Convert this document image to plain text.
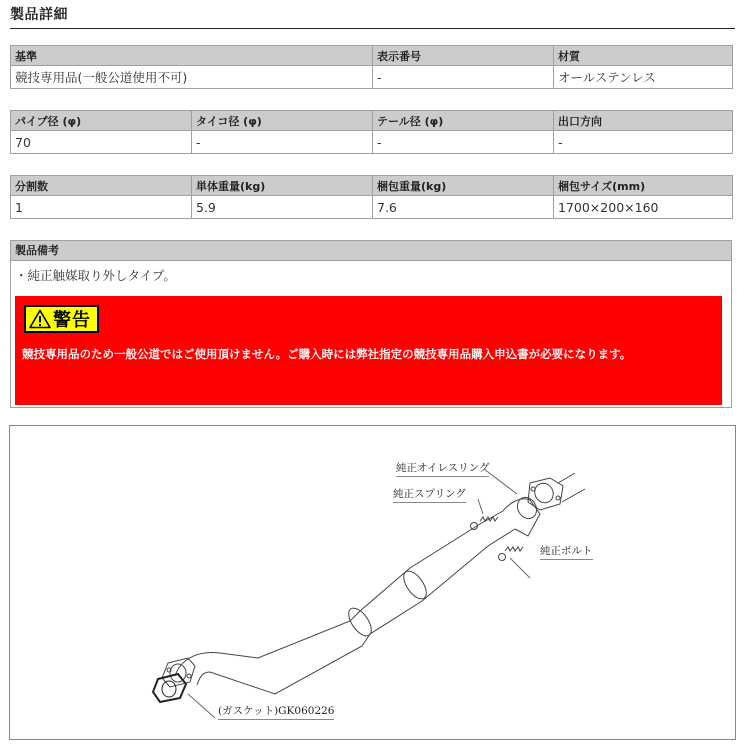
製品詳細
基準	表示番号	材質
競技専用品(一般公道使用不可)	-	オールステンレス
パイプ径 (φ)	タイコ径 (φ)	テール径 (φ)	出口方向
70	-	-	-
分割数	単体重量(kg)	梱包重量(kg)	梱包サイズ(mm)
1	5.9	7.6	1700×200×160
製品備考
・純正触媒取り外しタイプ。
警告
競技専用品のため一般公道ではご使用頂けません。ご購入時には弊社指定の競技専用品購入申込書が必要になります。
純正オイレスリング
純正スプリング
純正ボルト
(ガスケット)GK060226
